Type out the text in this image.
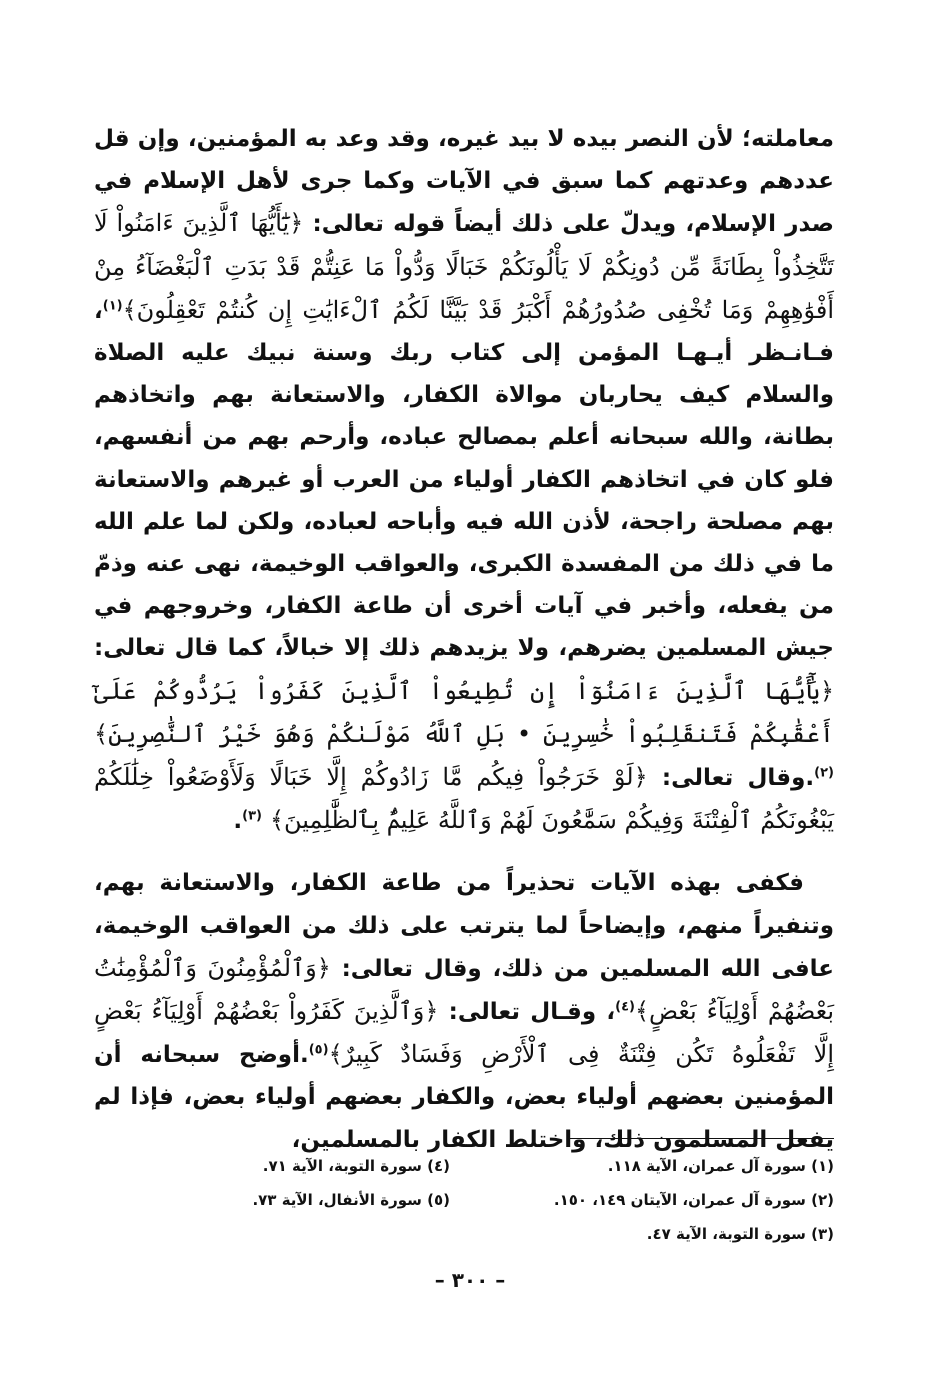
معاملته؛ لأن النصر بيده لا بيد غيره، وقد وعد به المؤمنين، وإن قل عددهم وعدتهم كما سبق في الآيات وكما جرى لأهل الإسلام في صدر الإسلام، ويدلّ على ذلك أيضاً قوله تعالى: ﴿يَٰٓأَيُّهَا ٱلَّذِينَ ءَامَنُواْ لَا تَتَّخِذُواْ بِطَانَةً مِّن دُونِكُمْ لَا يَأْلُونَكُمْ خَبَالًا وَدُّواْ مَا عَنِتُّمْ قَدْ بَدَتِ ٱلْبَغْضَآءُ مِنْ أَفْوَٰهِهِمْ وَمَا تُخْفِى صُدُورُهُمْ أَكْبَرُ قَدْ بَيَّنَّا لَكُمُ ٱلْءَايَٰتِ إِن كُنتُمْ تَعْقِلُونَ﴾$^{(١)}$، فـانـظر أيـهـا المؤمن إلى كتاب ربك وسنة نبيك عليه الصلاة والسلام كيف يحاربان موالاة الكفار، والاستعانة بهم واتخاذهم بطانة، والله سبحانه أعلم بمصالح عباده، وأرحم بهم من أنفسهم، فلو كان في اتخاذهم الكفار أولياء من العرب أو غيرهم والاستعانة بهم مصلحة راجحة، لأذن الله فيه وأباحه لعباده، ولكن لما علم الله ما في ذلك من المفسدة الكبرى، والعواقب الوخيمة، نهى عنه وذمّ من يفعله، وأخبر في آيات أخرى أن طاعة الكفار، وخروجهم في جيش المسلمين يضرهم، ولا يزيدهم ذلك إلا خبالاً، كما قال تعالى: ﴿يَٰٓأَيُّهَا ٱلَّذِينَ ءَامَنُوٓاْ إِن تُطِيعُواْ ٱلَّذِينَ كَفَرُواْ يَرُدُّوكُمْ عَلَىٰٓ أَعْقَٰبِكُمْ فَتَنقَلِبُواْ خَٰسِرِينَ • بَلِ ٱللَّهُ مَوْلَىٰكُمْ وَهُوَ خَيْرُ ٱلنَّٰصِرِينَ﴾$^{(٢)}$.وقال تعالى: ﴿لَوْ خَرَجُواْ فِيكُم مَّا زَادُوكُمْ إِلَّا خَبَالًا وَلَأَوْضَعُواْ خِلَٰلَكُمْ يَبْغُونَكُمُ ٱلْفِتْنَةَ وَفِيكُمْ سَمَّٰعُونَ لَهُمْ وَٱللَّهُ عَلِيمٌۢ بِٱلظَّٰلِمِينَ﴾ $^{(٣)}$.

فكفى بهذه الآيات تحذيراً من طاعة الكفار، والاستعانة بهم، وتنفيراً منهم، وإيضاحاً لما يترتب على ذلك من العواقب الوخيمة، عافى الله المسلمين من ذلك، وقال تعالى: ﴿وَٱلْمُؤْمِنُونَ وَٱلْمُؤْمِنَٰتُ بَعْضُهُمْ أَوْلِيَآءُ بَعْضٍ﴾$^{(٤)}$، وقـال تعالى: ﴿وَٱلَّذِينَ كَفَرُواْ بَعْضُهُمْ أَوْلِيَآءُ بَعْضٍ إِلَّا تَفْعَلُوهُ تَكُن فِتْنَةٌ فِى ٱلْأَرْضِ وَفَسَادٌ كَبِيرٌ﴾$^{(٥)}$.أوضح سبحانه أن المؤمنين بعضهم أولياء بعض، والكفار بعضهم أولياء بعض، فإذا لم يفعل المسلمون ذلك، واختلط الكفار بالمسلمين،

(١) سورة آل عمران، الآية ١١٨.
(٢) سورة آل عمران، الآيتان ١٤٩، ١٥٠.
(٣) سورة التوبة، الآية ٤٧.
(٤) سورة التوبة، الآية ٧١.
(٥) سورة الأنفال، الآية ٧٣.
– ٣٠٠ –
